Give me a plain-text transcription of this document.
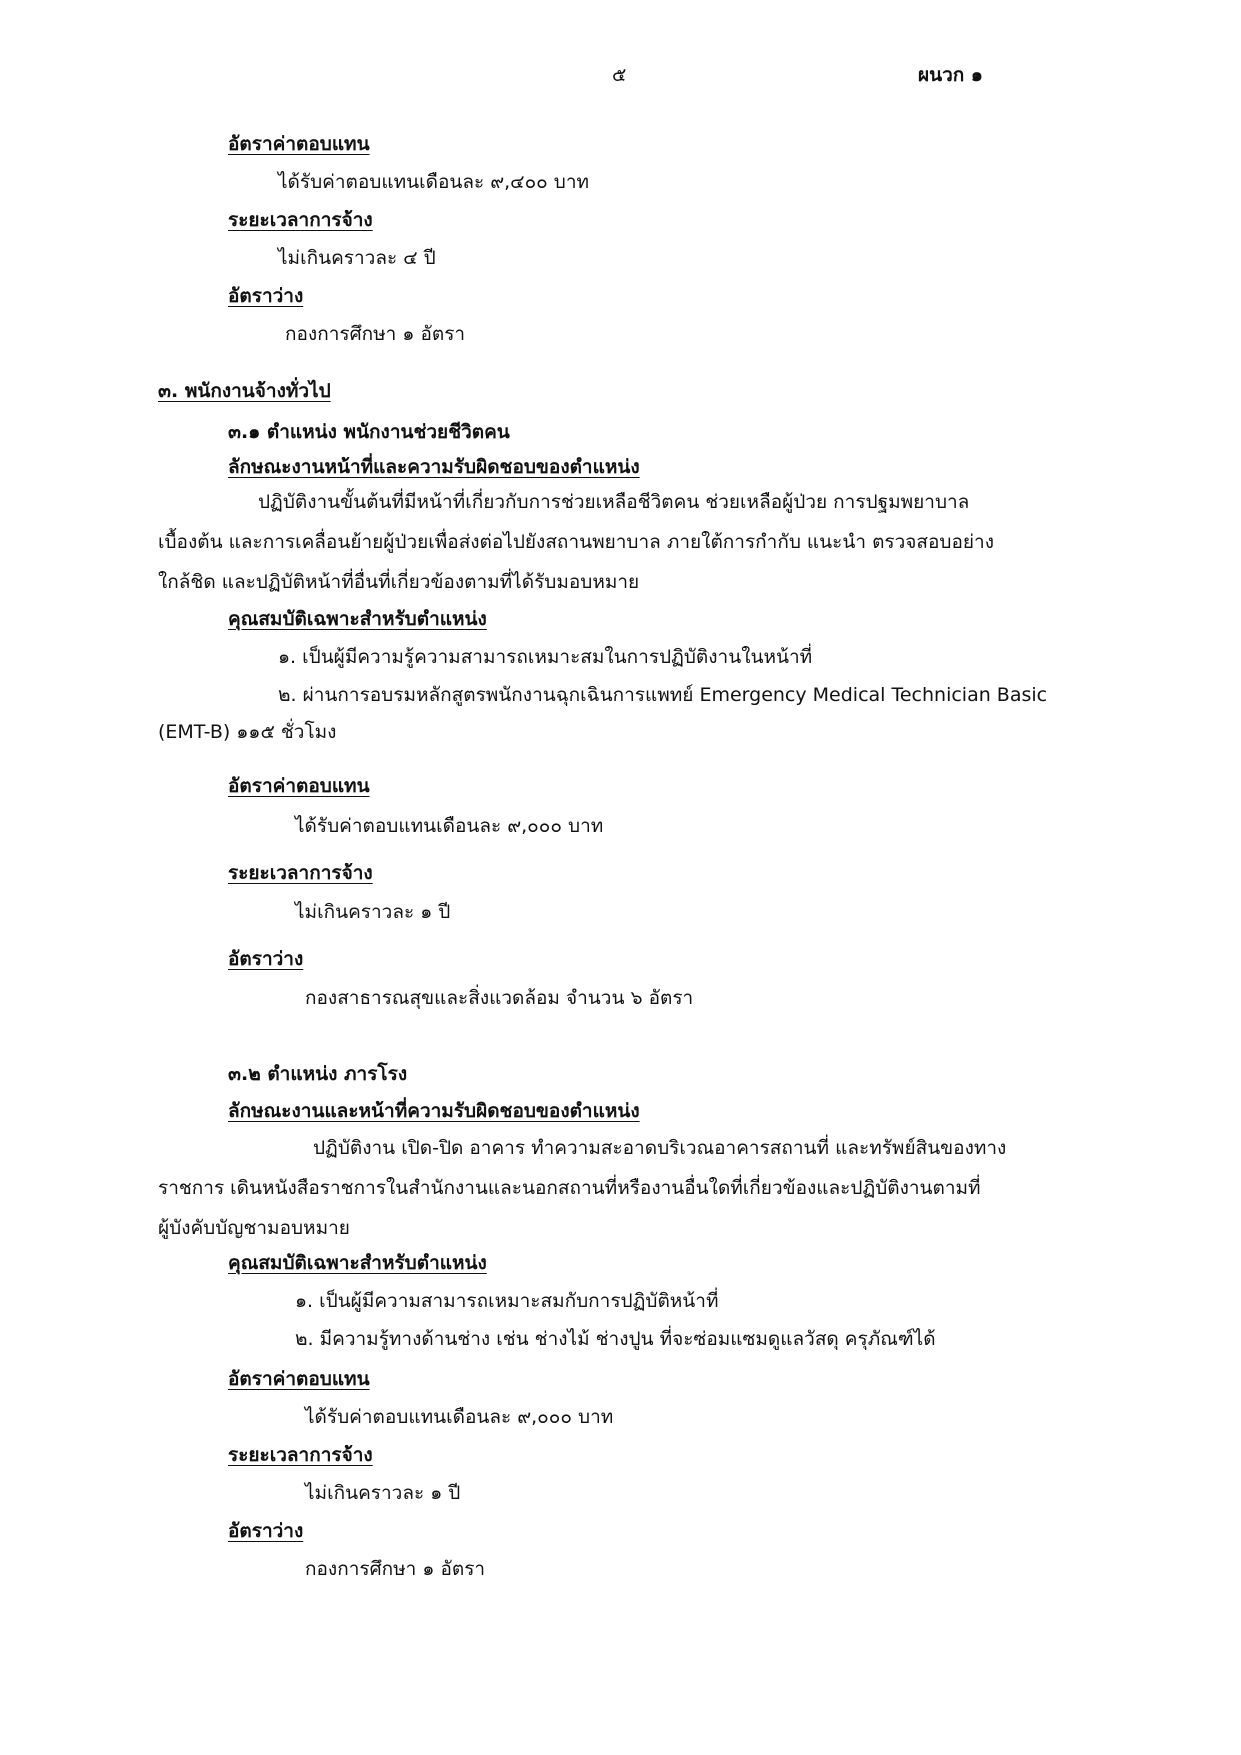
๕	ผนวก ๑
อัตราค่าตอบแทน
ได้รับค่าตอบแทนเดือนละ ๙,๔๐๐ บาท
ระยะเวลาการจ้าง
ไม่เกินคราวละ ๔ ปี
อัตราว่าง
กองการศึกษา ๑ อัตรา
๓. พนักงานจ้างทั่วไป
๓.๑ ตำแหน่ง พนักงานช่วยชีวิตคน
ลักษณะงานหน้าที่และความรับผิดชอบของตำแหน่ง
ปฏิบัติงานขั้นต้นที่มีหน้าที่เกี่ยวกับการช่วยเหลือชีวิตคน ช่วยเหลือผู้ป่วย การปฐมพยาบาล
เบื้องต้น และการเคลื่อนย้ายผู้ป่วยเพื่อส่งต่อไปยังสถานพยาบาล ภายใต้การกำกับ แนะนำ ตรวจสอบอย่าง
ใกล้ชิด และปฏิบัติหน้าที่อื่นที่เกี่ยวข้องตามที่ได้รับมอบหมาย
คุณสมบัติเฉพาะสำหรับตำแหน่ง
๑. เป็นผู้มีความรู้ความสามารถเหมาะสมในการปฏิบัติงานในหน้าที่
๒. ผ่านการอบรมหลักสูตรพนักงานฉุกเฉินการแพทย์ Emergency Medical Technician Basic
(EMT-B) ๑๑๕ ชั่วโมง
อัตราค่าตอบแทน
ได้รับค่าตอบแทนเดือนละ ๙,๐๐๐ บาท
ระยะเวลาการจ้าง
ไม่เกินคราวละ ๑ ปี
อัตราว่าง
กองสาธารณสุขและสิ่งแวดล้อม จำนวน ๖ อัตรา
๓.๒ ตำแหน่ง ภารโรง
ลักษณะงานและหน้าที่ความรับผิดชอบของตำแหน่ง
ปฏิบัติงาน เปิด-ปิด อาคาร ทำความสะอาดบริเวณอาคารสถานที่ และทรัพย์สินของทาง
ราชการ เดินหนังสือราชการในสำนักงานและนอกสถานที่หรืองานอื่นใดที่เกี่ยวข้องและปฏิบัติงานตามที่
ผู้บังคับบัญชามอบหมาย
คุณสมบัติเฉพาะสำหรับตำแหน่ง
๑. เป็นผู้มีความสามารถเหมาะสมกับการปฏิบัติหน้าที่
๒. มีความรู้ทางด้านช่าง เช่น ช่างไม้ ช่างปูน ที่จะซ่อมแซมดูแลวัสดุ ครุภัณฑ์ได้
อัตราค่าตอบแทน
ได้รับค่าตอบแทนเดือนละ ๙,๐๐๐ บาท
ระยะเวลาการจ้าง
ไม่เกินคราวละ ๑ ปี
อัตราว่าง
กองการศึกษา ๑ อัตรา
